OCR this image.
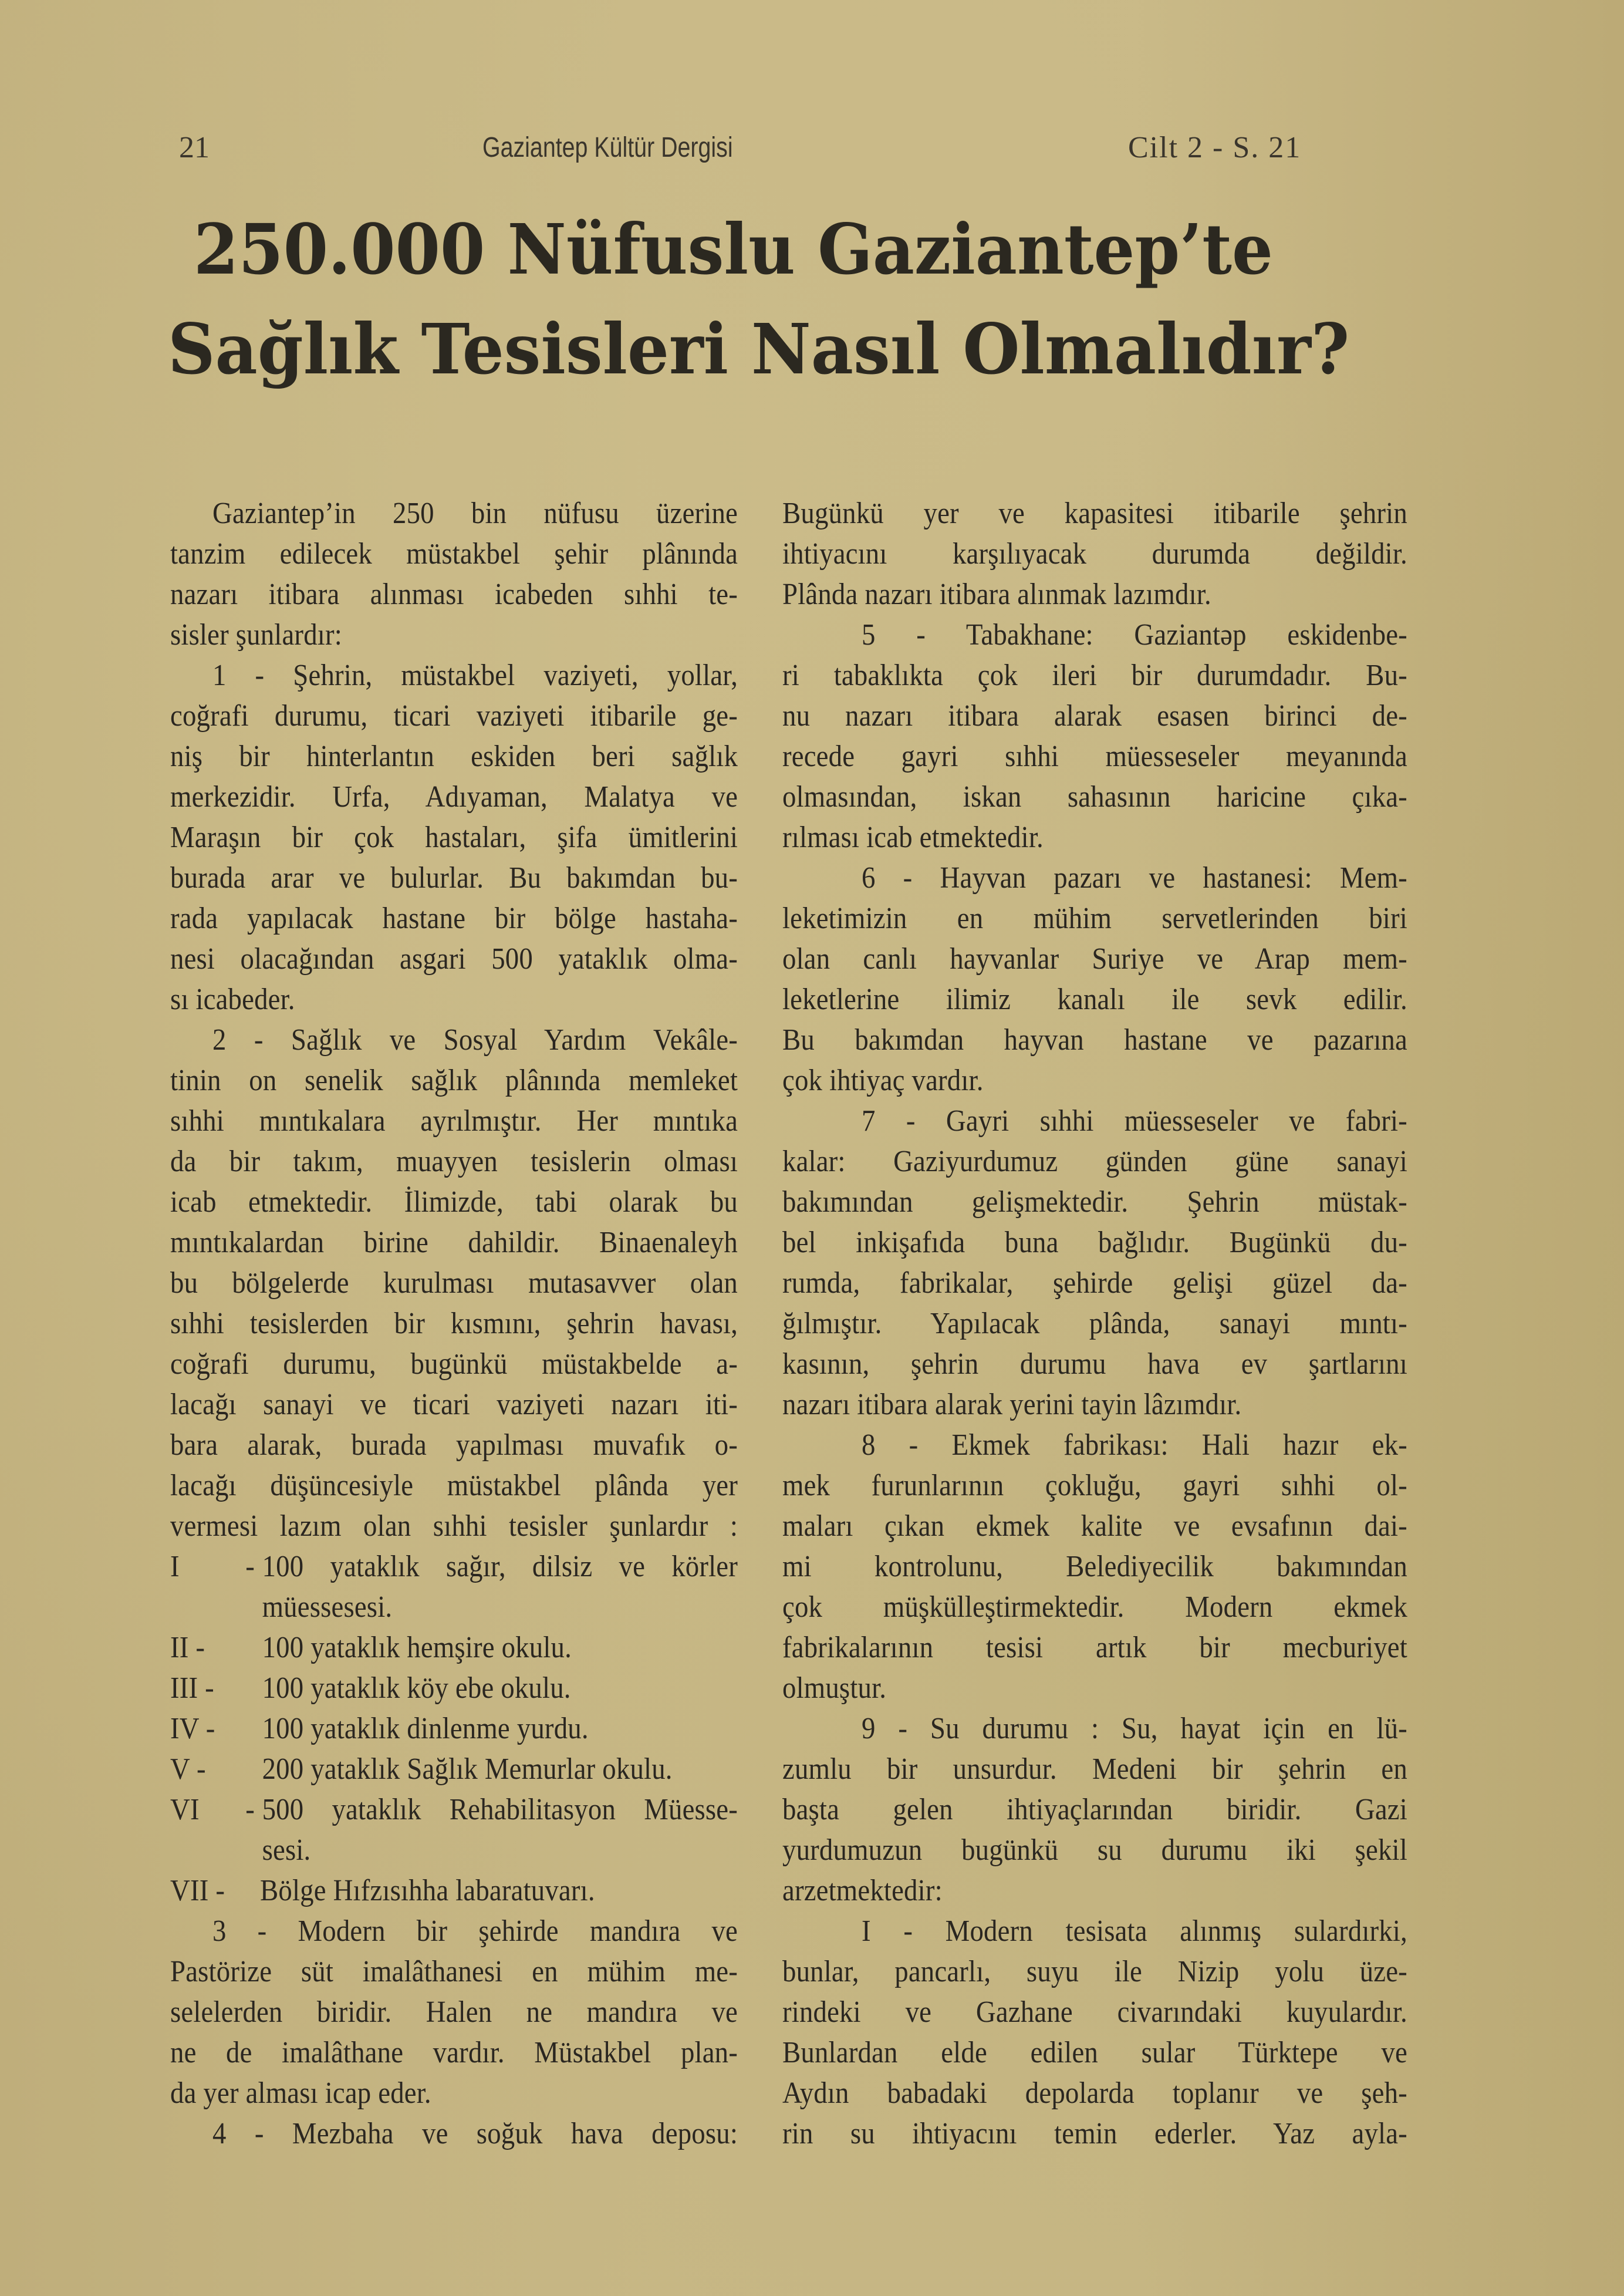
21	Gaziantep Kültür Dergisi	Cilt 2 - S. 21
250.000 Nüfuslu Gaziantep’te
Sağlık Tesisleri Nasıl Olmalıdır?
Gaziantep’in 250 bin nüfusu üzerine
tanzim edilecek müstakbel şehir plânında
nazarı itibara alınması icabeden sıhhi te-
sisler şunlardır:
1 - Şehrin, müstakbel vaziyeti, yollar,
coğrafi durumu, ticari vaziyeti itibarile ge-
niş bir hinterlantın eskiden beri sağlık
merkezidir. Urfa, Adıyaman, Malatya ve
Maraşın bir çok hastaları, şifa ümitlerini
burada arar ve bulurlar. Bu bakımdan bu-
rada yapılacak hastane bir bölge hastaha-
nesi olacağından asgari 500 yataklık olma-
sı icabeder.
2 - Sağlık ve Sosyal Yardım Vekâle-
tinin on senelik sağlık plânında memleket
sıhhi mıntıkalara ayrılmıştır. Her mıntıka
da bir takım, muayyen tesislerin olması
icab etmektedir. İlimizde, tabi olarak bu
mıntıkalardan birine dahildir. Binaenaleyh
bu bölgelerde kurulması mutasavver olan
sıhhi tesislerden bir kısmını, şehrin havası,
coğrafi durumu, bugünkü müstakbelde a-
lacağı sanayi ve ticari vaziyeti nazarı iti-
bara alarak, burada yapılması muvafık o-
lacağı düşüncesiyle müstakbel plânda yer
vermesi lazım olan sıhhi tesisler şunlardır :
I - 100 yataklık sağır, dilsiz ve körler
müessesesi.
II -	100 yataklık hemşire okulu.
III -	100 yataklık köy ebe okulu.
IV -	100 yataklık dinlenme yurdu.
V -	200 yataklık Sağlık Memurlar okulu.
VI - 500 yataklık Rehabilitasyon Müesse-
sesi.
VII -	Bölge Hıfzısıhha labaratuvarı.
3 - Modern bir şehirde mandıra ve
Pastörize süt imalâthanesi en mühim me-
selelerden biridir. Halen ne mandıra ve
ne de imalâthane vardır. Müstakbel plan-
da yer alması icap eder.
4 - Mezbaha ve soğuk hava deposu:
Bugünkü yer ve kapasitesi itibarile şehrin
ihtiyacını karşılıyacak durumda değildir.
Plânda nazarı itibara alınmak lazımdır.
5 - Tabakhane: Gaziantəp eskidenbe-
ri tabaklıkta çok ileri bir durumdadır. Bu-
nu nazarı itibara alarak esasen birinci de-
recede gayri sıhhi müesseseler meyanında
olmasından, iskan sahasının haricine çıka-
rılması icab etmektedir.
6 - Hayvan pazarı ve hastanesi: Mem-
leketimizin en mühim servetlerinden biri
olan canlı hayvanlar Suriye ve Arap mem-
leketlerine ilimiz kanalı ile sevk edilir.
Bu bakımdan hayvan hastane ve pazarına
çok ihtiyaç vardır.
7 - Gayri sıhhi müesseseler ve fabri-
kalar: Gaziyurdumuz günden güne sanayi
bakımından gelişmektedir. Şehrin müstak-
bel inkişafıda buna bağlıdır. Bugünkü du-
rumda, fabrikalar, şehirde gelişi güzel da-
ğılmıştır. Yapılacak plânda, sanayi mıntı-
kasının, şehrin durumu hava ev şartlarını
nazarı itibara alarak yerini tayin lâzımdır.
8 - Ekmek fabrikası: Hali hazır ek-
mek furunlarının çokluğu, gayri sıhhi ol-
maları çıkan ekmek kalite ve evsafının dai-
mi kontrolunu, Belediyecilik bakımından
çok müşkülleştirmektedir. Modern ekmek
fabrikalarının tesisi artık bir mecburiyet
olmuştur.
9 - Su durumu : Su, hayat için en lü-
zumlu bir unsurdur. Medeni bir şehrin en
başta gelen ihtiyaçlarından biridir. Gazi
yurdumuzun bugünkü su durumu iki şekil
arzetmektedir:
I - Modern tesisata alınmış sulardırki,
bunlar, pancarlı, suyu ile Nizip yolu üze-
rindeki ve Gazhane civarındaki kuyulardır.
Bunlardan elde edilen sular Türktepe ve
Aydın babadaki depolarda toplanır ve şeh-
rin su ihtiyacını temin ederler. Yaz ayla-
